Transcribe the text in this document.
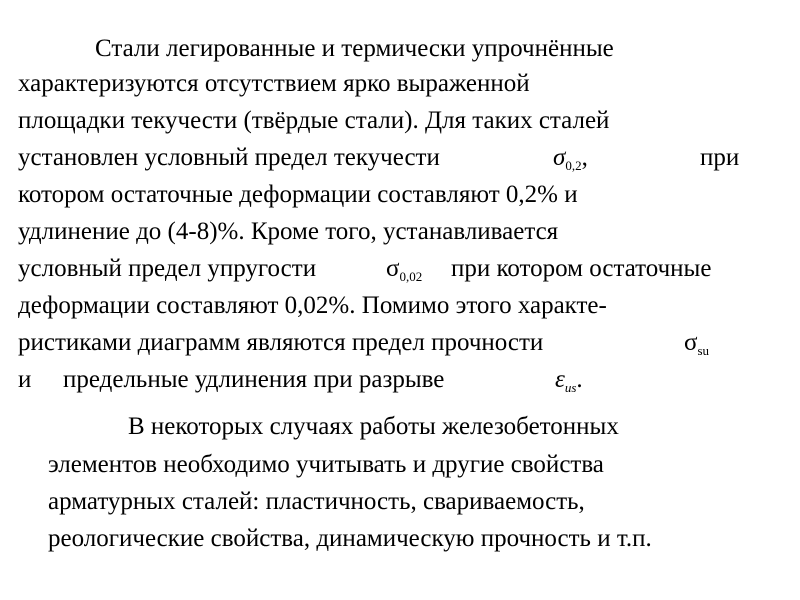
Стали легированные и термически упрочнённые
характеризуются отсутствием ярко выраженной
площадки текучести (твёрдые стали). Для таких сталей
установлен условный предел текучести	$\sigma_{0,2}$,	при
котором остаточные деформации составляют 0,2% и
удлинение до (4-8)%. Кроме того, устанавливается
условный предел упругости	$\sigma_{0,02}$ при котором остаточные
деформации составляют 0,02%. Помимо этого характе-
ристиками диаграмм являются предел прочности	$\sigma_{su}$
и предельные удлинения при разрыве	$\varepsilon_{us}$.
В некоторых случаях работы железобетонных
элементов необходимо учитывать и другие свойства
арматурных сталей: пластичность, свариваемость,
реологические свойства, динамическую прочность и т.п.
